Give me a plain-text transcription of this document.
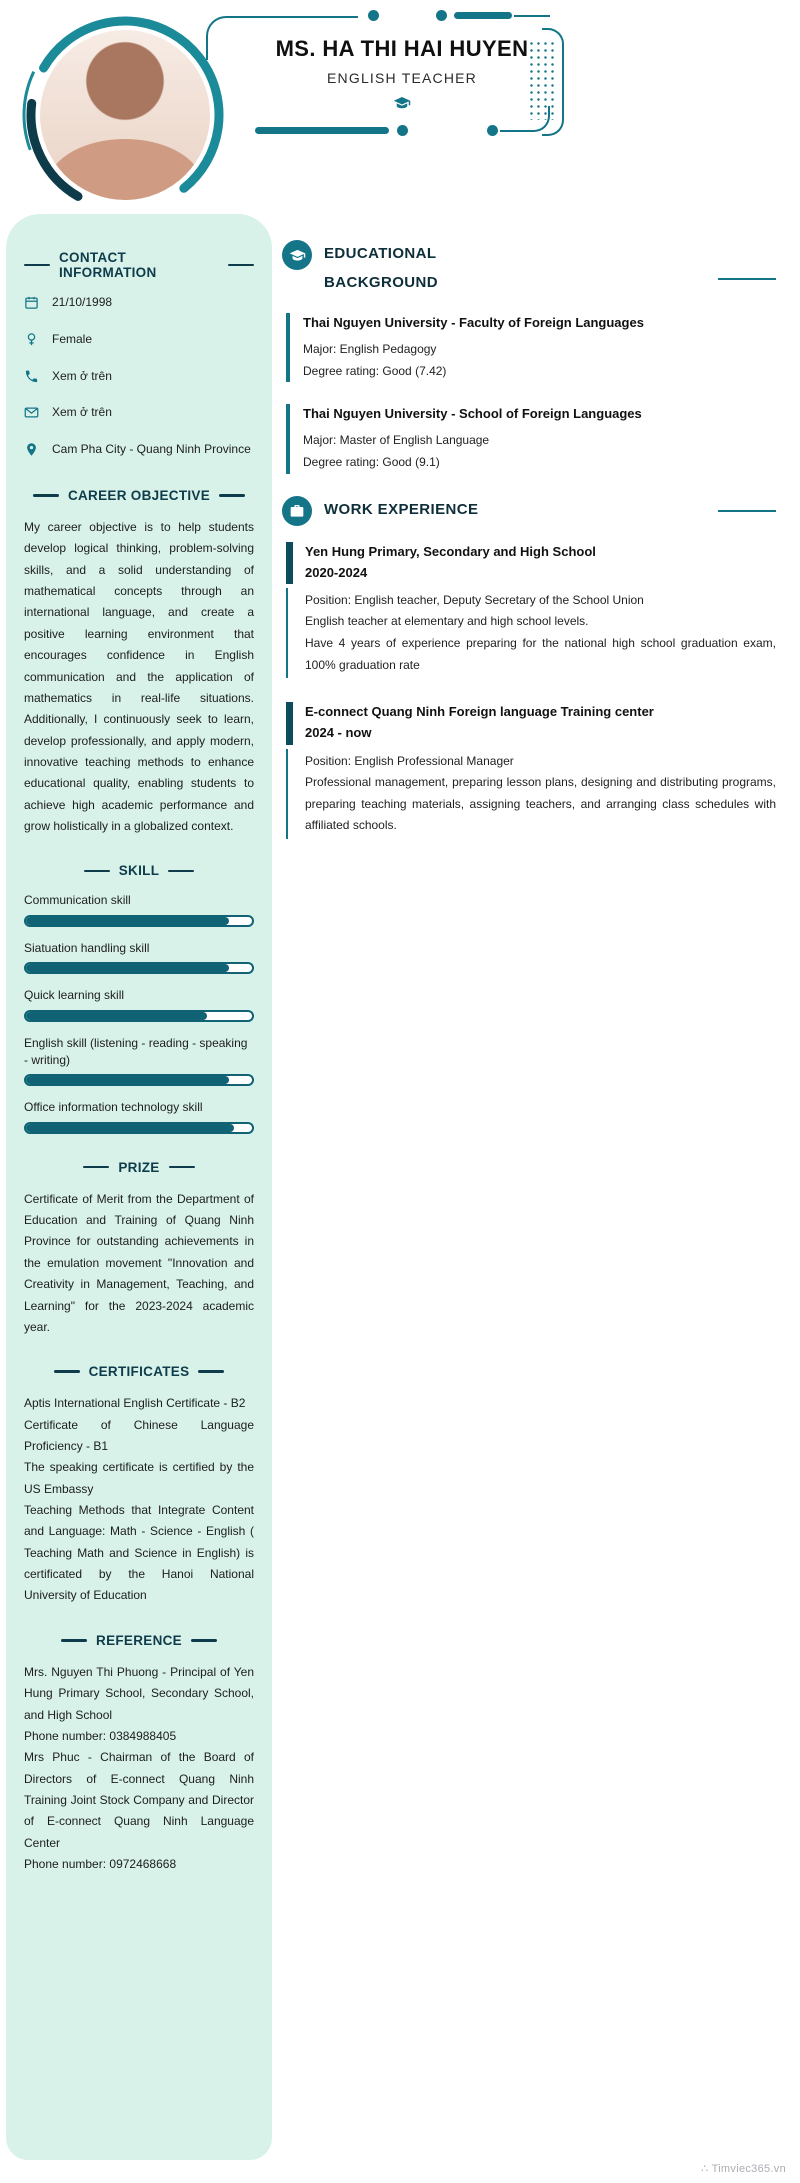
MS. HA THI HAI HUYEN
ENGLISH TEACHER
CONTACT INFORMATION
21/10/1998
Female
Xem ở trên
Xem ở trên
Cam Pha City - Quang Ninh Province
CAREER OBJECTIVE

My career objective is to help students develop logical thinking, problem-solving skills, and a solid understanding of mathematical concepts through an international language, and create a positive learning environment that encourages confidence in English communication and the application of mathematics in real-life situations. Additionally, I continuously seek to learn, develop professionally, and apply modern, innovative teaching methods to enhance educational quality, enabling students to achieve high academic performance and grow holistically in a globalized context.

SKILL
Communication skill
Siatuation handling skill
Quick learning skill
English skill (listening - reading - speaking - writing)
Office information technology skill
PRIZE

Certificate of Merit from the Department of Education and Training of Quang Ninh Province for outstanding achievements in the emulation movement "Innovation and Creativity in Management, Teaching, and Learning" for the 2023-2024 academic year.

CERTIFICATES

Aptis International English Certificate - B2

Certificate of Chinese Language Proficiency - B1

The speaking certificate is certified by the US Embassy

Teaching Methods that Integrate Content and Language: Math - Science - English ( Teaching Math and Science in English) is certificated by the Hanoi National University of Education

REFERENCE

Mrs. Nguyen Thi Phuong - Principal of Yen Hung Primary School, Secondary School, and High School

Phone number: 0384988405

Mrs Phuc - Chairman of the Board of Directors of E-connect Quang Ninh Training Joint Stock Company and Director of E-connect Quang Ninh Language Center

Phone number: 0972468668

EDUCATIONAL
BACKGROUND
Thai Nguyen University - Faculty of Foreign Languages
Major: English Pedagogy
Degree rating: Good (7.42)
Thai Nguyen University - School of Foreign Languages
Major: Master of English Language
Degree rating: Good (9.1)
WORK EXPERIENCE
Yen Hung Primary, Secondary and High School
2020-2024
Position: English teacher, Deputy Secretary of the School Union
English teacher at elementary and high school levels.
Have 4 years of experience preparing for the national high school graduation exam, 100% graduation rate
E-connect Quang Ninh Foreign language Training center
2024 - now
Position: English Professional Manager
Professional management, preparing lesson plans, designing and distributing programs, preparing teaching materials, assigning teachers, and arranging class schedules with affiliated schools.
∴ Timviec365.vn
